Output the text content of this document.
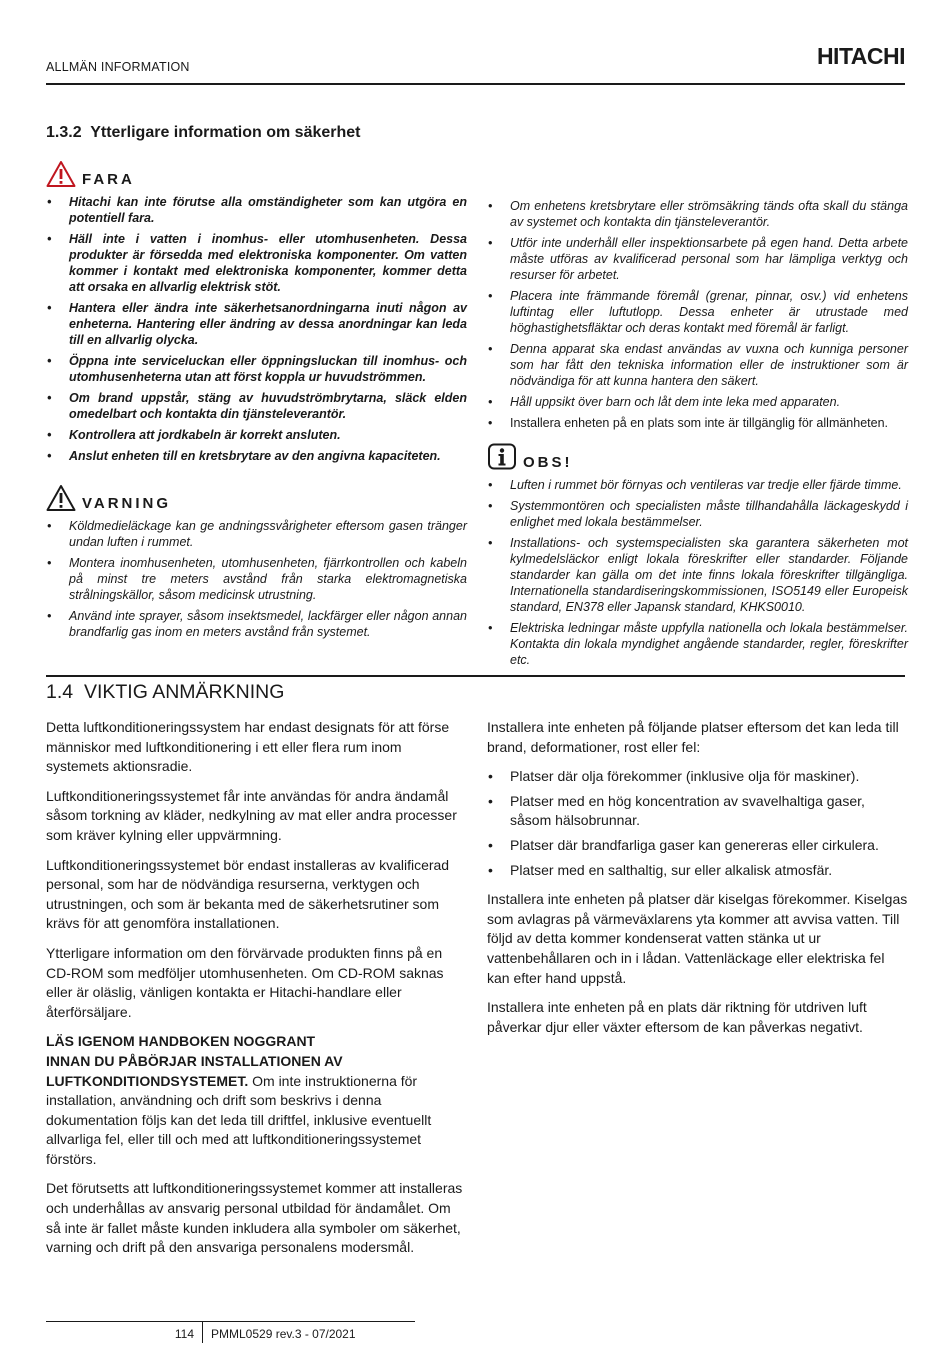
ALLMÄN INFORMATION	HITACHI
1.3.2 Ytterligare information om säkerhet
FARA
• Hitachi kan inte förutse alla omständigheter som kan utgöra en potentiell fara.
• Häll inte i vatten i inomhus- eller utomhusenheten. Dessa produkter är försedda med elektroniska komponenter. Om vatten kommer i kontakt med elektroniska komponenter, kommer detta att orsaka en allvarlig elektrisk stöt.
• Hantera eller ändra inte säkerhetsanordningarna inuti någon av enheterna. Hantering eller ändring av dessa anordningar kan leda till en allvarlig olycka.
• Öppna inte serviceluckan eller öppningsluckan till inomhus- och utomhusenheterna utan att först koppla ur huvudströmmen.
• Om brand uppstår, stäng av huvudströmbrytarna, släck elden omedelbart och kontakta din tjänsteleverantör.
• Kontrollera att jordkabeln är korrekt ansluten.
• Anslut enheten till en kretsbrytare av den angivna kapaciteten.
VARNING
• Köldmedieläckage kan ge andningssvårigheter eftersom gasen tränger undan luften i rummet.
• Montera inomhusenheten, utomhusenheten, fjärrkontrollen och kabeln på minst tre meters avstånd från starka elektromagnetiska strålningskällor, såsom medicinsk utrustning.
• Använd inte sprayer, såsom insektsmedel, lackfärger eller någon annan brandfarlig gas inom en meters avstånd från systemet.
• Om enhetens kretsbrytare eller strömsäkring tänds ofta skall du stänga av systemet och kontakta din tjänsteleverantör.
• Utför inte underhåll eller inspektionsarbete på egen hand. Detta arbete måste utföras av kvalificerad personal som har lämpliga verktyg och resurser för arbetet.
• Placera inte främmande föremål (grenar, pinnar, osv.) vid enhetens luftintag eller luftutlopp. Dessa enheter är utrustade med höghastighetsfläktar och deras kontakt med föremål är farligt.
• Denna apparat ska endast användas av vuxna och kunniga personer som har fått den tekniska information eller de instruktioner som är nödvändiga för att kunna hantera den säkert.
• Håll uppsikt över barn och låt dem inte leka med apparaten.
• Installera enheten på en plats som inte är tillgänglig för allmänheten.
OBS!
• Luften i rummet bör förnyas och ventileras var tredje eller fjärde timme.
• Systemmontören och specialisten måste tillhandahålla läckageskydd i enlighet med lokala bestämmelser.
• Installations- och systemspecialisten ska garantera säkerheten mot kylmedelsläckor enligt lokala föreskrifter eller standarder. Följande standarder kan gälla om det inte finns lokala föreskrifter tillgängliga. Internationella standardiseringskommissionen, ISO5149 eller Europeisk standard, EN378 eller Japansk standard, KHKS0010.
• Elektriska ledningar måste uppfylla nationella och lokala bestämmelser. Kontakta din lokala myndighet angående standarder, regler, föreskrifter etc.
1.4 VIKTIG ANMÄRKNING

Detta luftkonditioneringssystem har endast designats för att förse människor med luftkonditionering i ett eller flera rum inom systemets aktionsradie.

Luftkonditioneringssystemet får inte användas för andra ändamål såsom torkning av kläder, nedkylning av mat eller andra processer som kräver kylning eller uppvärmning.

Luftkonditioneringssystemet bör endast installeras av kvalificerad personal, som har de nödvändiga resurserna, verktygen och utrustningen, och som är bekanta med de säkerhetsrutiner som krävs för att genomföra installationen.

Ytterligare information om den förvärvade produkten finns på en CD-ROM som medföljer utomhusenheten. Om CD-ROM saknas eller är oläslig, vänligen kontakta er Hitachi-handlare eller återförsäljare.

LÄS IGENOM HANDBOKEN NOGGRANT
INNAN DU PÅBÖRJAR INSTALLATIONEN AV
LUFTKONDITIONDSYSTEMET. Om inte instruktionerna för installation, användning och drift som beskrivs i denna dokumentation följs kan det leda till driftfel, inklusive eventuellt allvarliga fel, eller till och med att luftkonditioneringssystemet förstörs.

Det förutsetts att luftkonditioneringssystemet kommer att installeras och underhållas av ansvarig personal utbildad för ändamålet. Om så inte är fallet måste kunden inkludera alla symboler om säkerhet, varning och drift på den ansvariga personalens modersmål.

Installera inte enheten på följande platser eftersom det kan leda till brand, deformationer, rost eller fel:

• Platser där olja förekommer (inklusive olja för maskiner).
• Platser med en hög koncentration av svavelhaltiga gaser, såsom hälsobrunnar.
• Platser där brandfarliga gaser kan genereras eller cirkulera.
• Platser med en salthaltig, sur eller alkalisk atmosfär.

Installera inte enheten på platser där kiselgas förekommer. Kiselgas som avlagras på värmeväxlarens yta kommer att avvisa vatten. Till följd av detta kommer kondenserat vatten stänka ut ur vattenbehållaren och in i lådan. Vattenläckage eller elektriska fel kan efter hand uppstå.

Installera inte enheten på en plats där riktning för utdriven luft påverkar djur eller växter eftersom de kan påverkas negativt.

114 PMML0529 rev.3 - 07/2021
